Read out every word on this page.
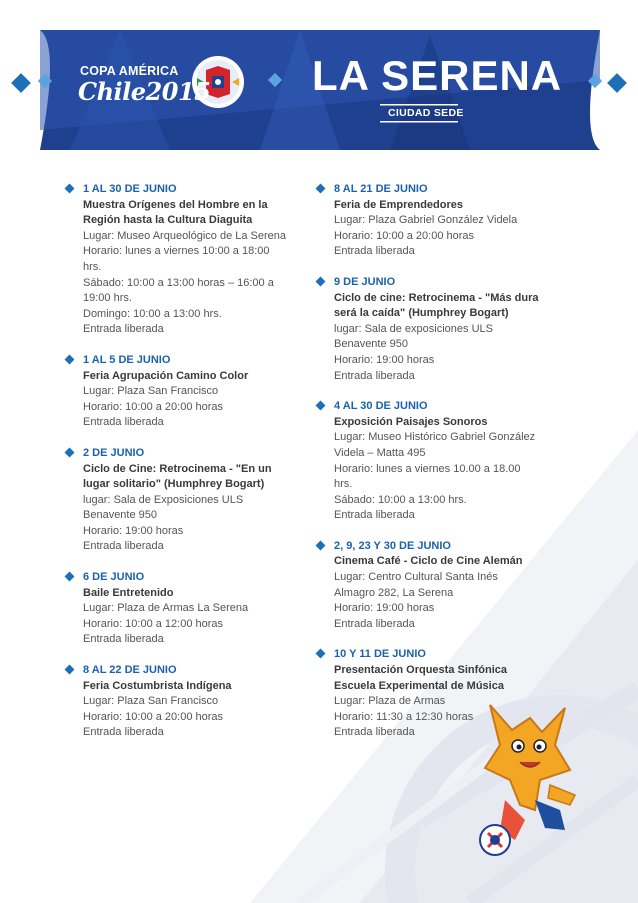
COPA AMÉRICA
Chile2015 LA SERENA
CIUDAD SEDE
1 AL 30 DE JUNIO
Muestra Orígenes del Hombre en la
Región hasta la Cultura Diaguita
Lugar: Museo Arqueológico de La Serena
Horario: lunes a viernes 10:00 a 18:00 hrs.
Sábado: 10:00 a 13:00 horas – 16:00 a
19:00 hrs.
Domingo: 10:00 a 13:00 hrs.
Entrada liberada
1 AL 5 DE JUNIO
Feria Agrupación Camino Color
Lugar: Plaza San Francisco
Horario: 10:00 a 20:00 horas
Entrada liberada
2 DE JUNIO
Ciclo de Cine: Retrocinema - "En un
lugar solitario" (Humphrey Bogart)
lugar: Sala de Exposiciones ULS
Benavente 950
Horario: 19:00 horas
Entrada liberada
6 DE JUNIO
Baile Entretenido
Lugar: Plaza de Armas La Serena
Horario: 10:00 a 12:00 horas
Entrada liberada
8 AL 22 DE JUNIO
Feria Costumbrista Indígena
Lugar: Plaza San Francisco
Horario: 10:00 a 20:00 horas
Entrada liberada
8 AL 21 DE JUNIO
Feria de Emprendedores
Lugar: Plaza Gabriel González Videla
Horario: 10:00 a 20:00 horas
Entrada liberada
9 DE JUNIO
Ciclo de cine: Retrocinema - "Más dura
será la caída" (Humphrey Bogart)
lugar: Sala de exposiciones ULS
Benavente 950
Horario: 19:00 horas
Entrada liberada
4 AL 30 DE JUNIO
Exposición Paisajes Sonoros
Lugar: Museo Histórico Gabriel González
Videla – Matta 495
Horario: lunes a viernes 10.00 a 18.00 hrs.
Sábado: 10:00 a 13:00 hrs.
Entrada liberada
2, 9, 23 Y 30 DE JUNIO
Cinema Café - Ciclo de Cine Alemán
Lugar: Centro Cultural Santa Inés
Almagro 282, La Serena
Horario: 19:00 horas
Entrada liberada
10 Y 11 DE JUNIO
Presentación Orquesta Sinfónica
Escuela Experimental de Música
Lugar: Plaza de Armas
Horario: 11:30 a 12:30 horas
Entrada liberada
